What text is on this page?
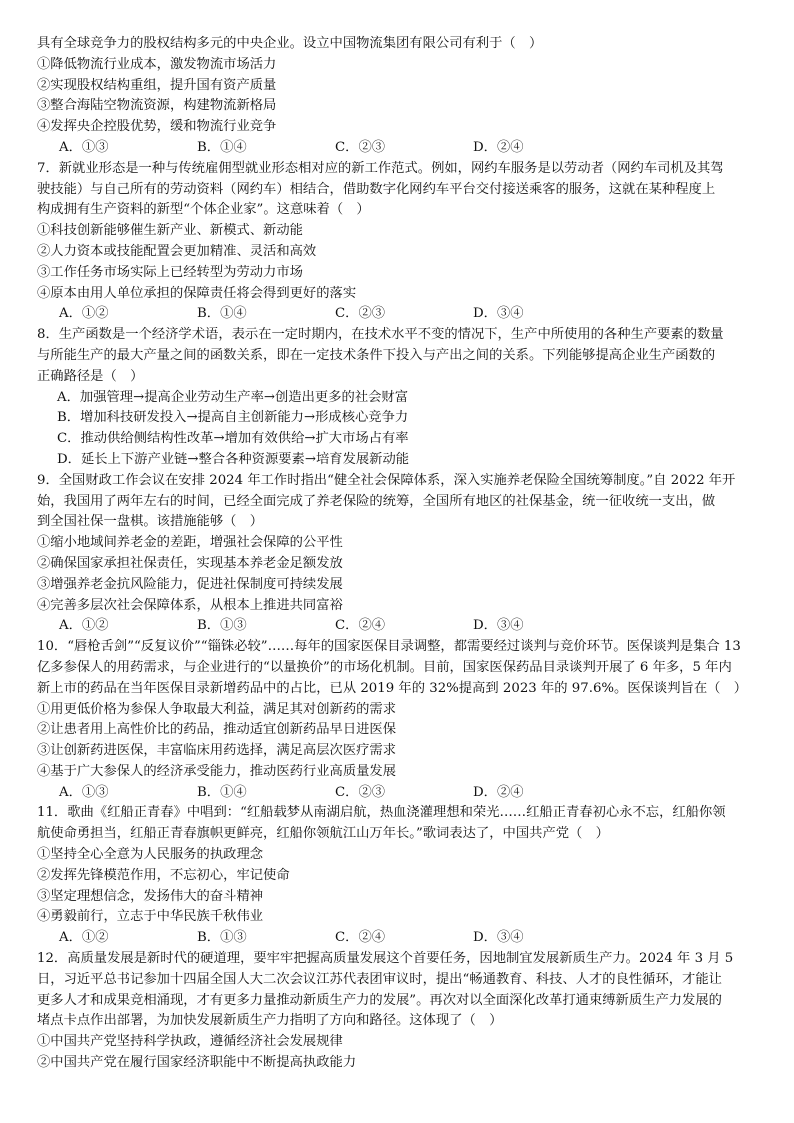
具有全球竞争力的股权结构多元的中央企业。设立中国物流集团有限公司有利于（　）
①降低物流行业成本，激发物流市场活力
②实现股权结构重组，提升国有资产质量
③整合海陆空物流资源，构建物流新格局
④发挥央企控股优势，缓和物流行业竞争
A．①③	B．①④	C．②③	D．②④
7．新就业形态是一种与传统雇佣型就业形态相对应的新工作范式。例如，网约车服务是以劳动者（网约车司机及其驾
驶技能）与自己所有的劳动资料（网约车）相结合，借助数字化网约车平台交付接送乘客的服务，这就在某种程度上
构成拥有生产资料的新型“个体企业家”。这意味着（　）
①科技创新能够催生新产业、新模式、新动能
②人力资本或技能配置会更加精准、灵活和高效
③工作任务市场实际上已经转型为劳动力市场
④原本由用人单位承担的保障责任将会得到更好的落实
A．①②	B．①④	C．②③	D．③④
8．生产函数是一个经济学术语，表示在一定时期内，在技术水平不变的情况下，生产中所使用的各种生产要素的数量
与所能生产的最大产量之间的函数关系，即在一定技术条件下投入与产出之间的关系。下列能够提高企业生产函数的
正确路径是（　）
A．加强管理→提高企业劳动生产率→创造出更多的社会财富
B．增加科技研发投入→提高自主创新能力→形成核心竞争力
C．推动供给侧结构性改革→增加有效供给→扩大市场占有率
D．延长上下游产业链→整合各种资源要素→培育发展新动能
9．全国财政工作会议在安排 2024 年工作时指出“健全社会保障体系，深入实施养老保险全国统筹制度。”自 2022 年开
始，我国用了两年左右的时间，已经全面完成了养老保险的统筹，全国所有地区的社保基金，统一征收统一支出，做
到全国社保一盘棋。该措施能够（　）
①缩小地域间养老金的差距，增强社会保障的公平性
②确保国家承担社保责任，实现基本养老金足额发放
③增强养老金抗风险能力，促进社保制度可持续发展
④完善多层次社会保障体系，从根本上推进共同富裕
A．①②	B．①③	C．②④	D．③④
10．“唇枪舌剑”“反复议价”“锱铢必较”……每年的国家医保目录调整，都需要经过谈判与竞价环节。医保谈判是集合 13
亿多参保人的用药需求，与企业进行的“以量换价”的市场化机制。目前，国家医保药品目录谈判开展了 6 年多，5 年内
新上市的药品在当年医保目录新增药品中的占比，已从 2019 年的 32%提高到 2023 年的 97.6%。医保谈判旨在（　）
①用更低价格为参保人争取最大利益，满足其对创新药的需求
②让患者用上高性价比的药品，推动适宜创新药品早日进医保
③让创新药进医保，丰富临床用药选择，满足高层次医疗需求
④基于广大参保人的经济承受能力，推动医药行业高质量发展
A．①③	B．①④	C．②③	D．②④
11．歌曲《红船正青春》中唱到：“红船载梦从南湖启航，热血浇灌理想和荣光……红船正青春初心永不忘，红船你领
航使命勇担当，红船正青春旗帜更鲜亮，红船你领航江山万年长。”歌词表达了，中国共产党（　）
①坚持全心全意为人民服务的执政理念
②发挥先锋模范作用，不忘初心，牢记使命
③坚定理想信念，发扬伟大的奋斗精神
④勇毅前行，立志于中华民族千秋伟业
A．①②	B．①③	C．②④	D．③④
12．高质量发展是新时代的硬道理，要牢牢把握高质量发展这个首要任务，因地制宜发展新质生产力。2024 年 3 月 5
日，习近平总书记参加十四届全国人大二次会议江苏代表团审议时，提出“畅通教育、科技、人才的良性循环，才能让
更多人才和成果竞相涌现，才有更多力量推动新质生产力的发展”。再次对以全面深化改革打通束缚新质生产力发展的
堵点卡点作出部署，为加快发展新质生产力指明了方向和路径。这体现了（　）
①中国共产党坚持科学执政，遵循经济社会发展规律
②中国共产党在履行国家经济职能中不断提高执政能力
